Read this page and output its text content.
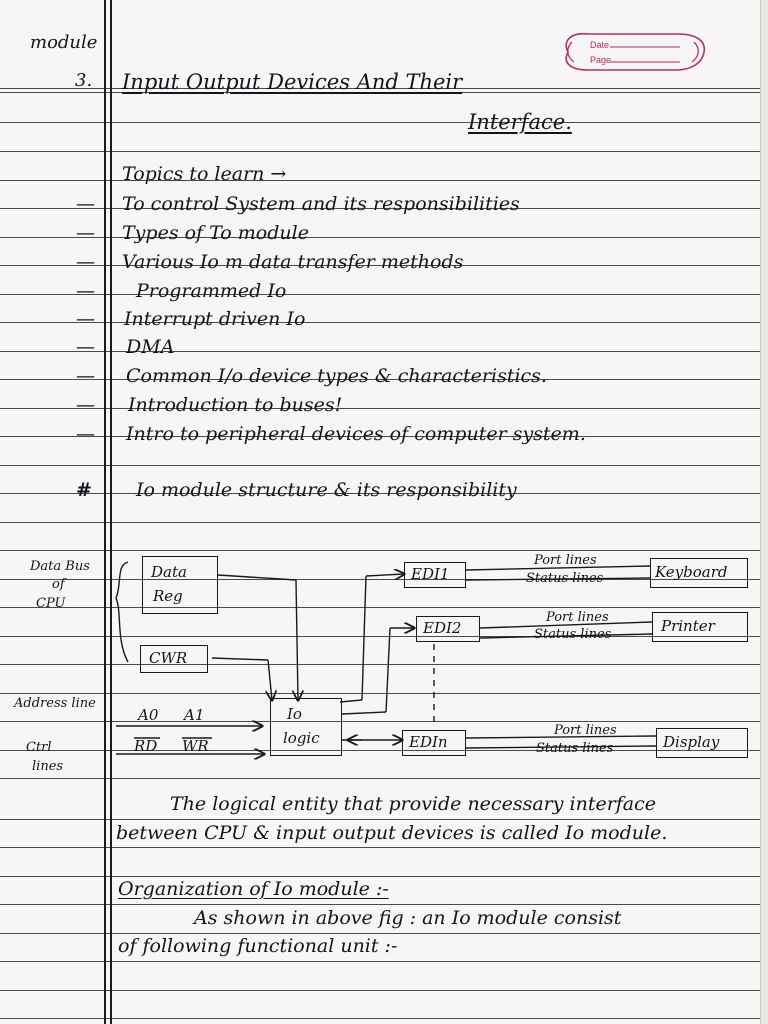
module
3.
Date
Page
Input Output Devices And Their
Interface.
Topics to learn →
— To control System and its responsibilities
— Types of To module
— Various Io m data transfer methods
— Programmed Io
— Interrupt driven Io
— DMA
— Common I/o device types & characteristics.
— Introduction to buses!
— Intro to peripheral devices of computer system.
# Io module structure & its responsibility
Data Bus
of
CPU
Address line
Ctrl
lines
Data
Reg
CWR
A0 A1
RD WR
Io
logic
EDI1
EDI2
EDIn
Port lines
Status lines
Port lines
Status lines
Port lines
Status lines
Keyboard
Printer
Display
The logical entity that provide necessary interface
between CPU & input output devices is called Io module.
Organization of Io module :-
As shown in above fig : an Io module consist
of following functional unit :-
